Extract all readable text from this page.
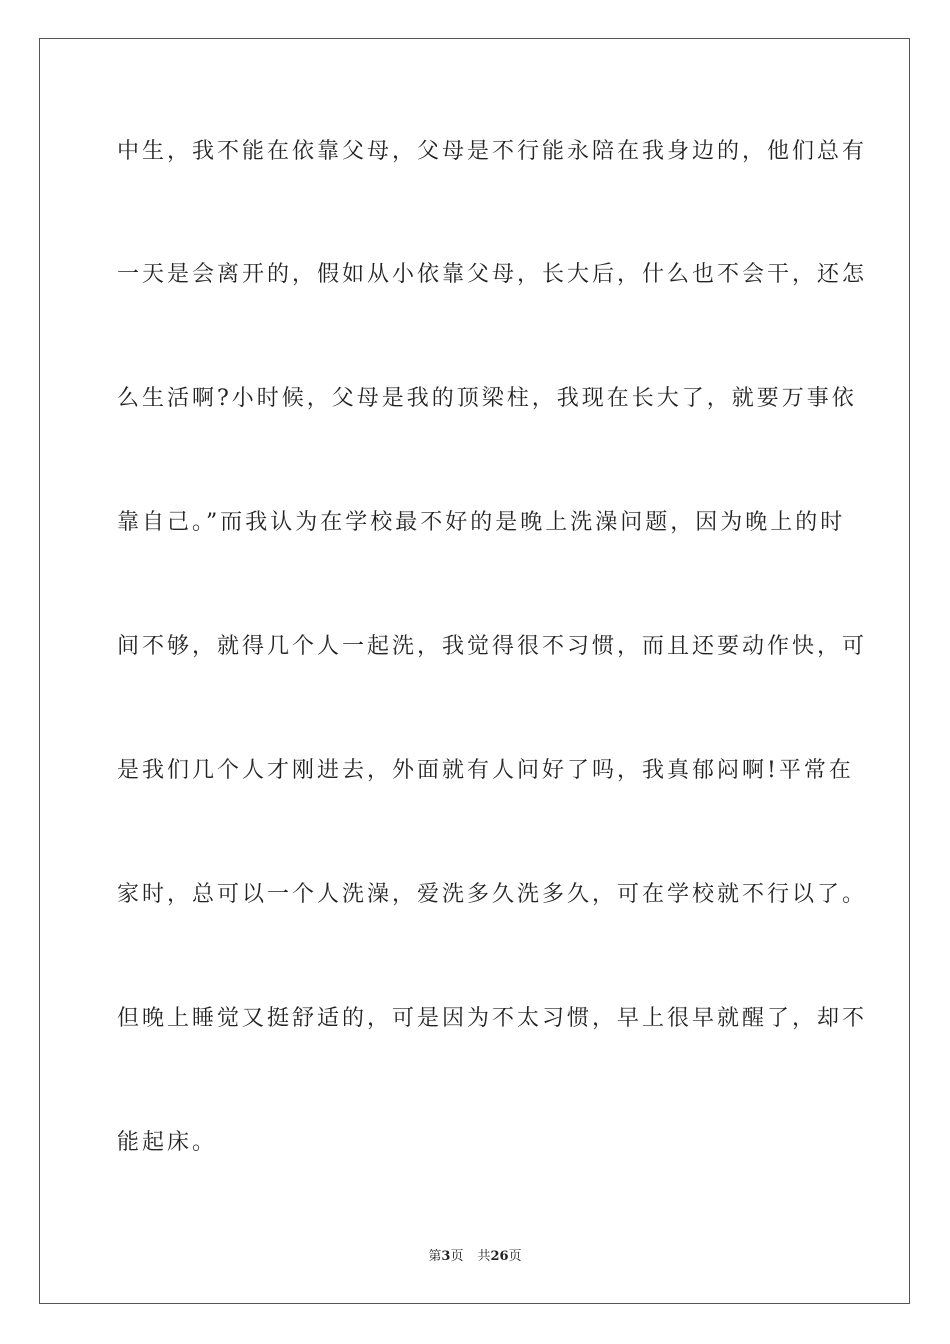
中生，我不能在依靠父母，父母是不行能永陪在我身边的，他们总有
一天是会离开的，假如从小依靠父母，长大后，什么也不会干，还怎
么生活啊?小时候，父母是我的顶梁柱，我现在长大了，就要万事依
靠自己。”而我认为在学校最不好的是晚上洗澡问题，因为晚上的时
间不够，就得几个人一起洗，我觉得很不习惯，而且还要动作快，可
是我们几个人才刚进去，外面就有人问好了吗，我真郁闷啊!平常在
家时，总可以一个人洗澡，爱洗多久洗多久，可在学校就不行以了。
但晚上睡觉又挺舒适的，可是因为不太习惯，早上很早就醒了，却不
能起床。
第3页 共26页
